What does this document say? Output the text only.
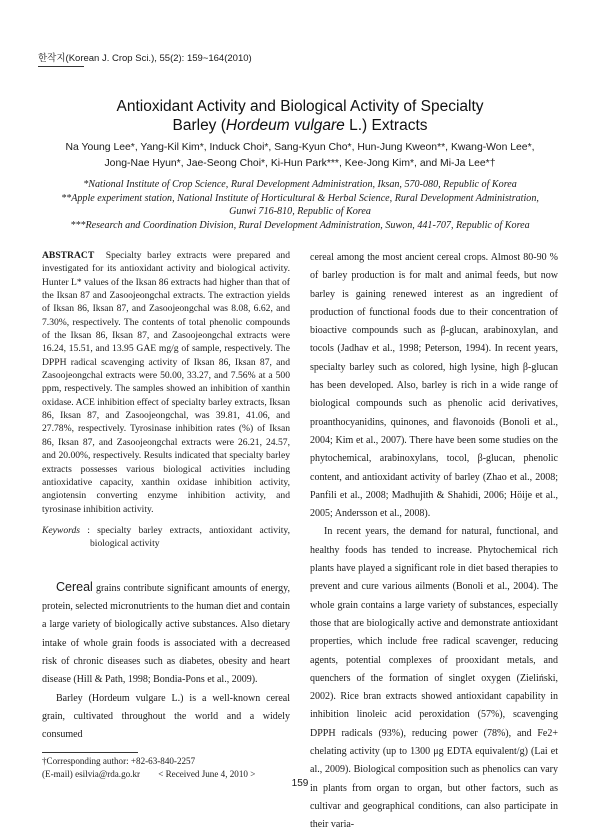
한작지(Korean J. Crop Sci.), 55(2): 159~164(2010)
Antioxidant Activity and Biological Activity of Specialty
Barley (Hordeum vulgare L.) Extracts
Na Young Lee*, Yang-Kil Kim*, Induck Choi*, Sang-Kyun Cho*, Hun-Jung Kweon**, Kwang-Won Lee*,
Jong-Nae Hyun*, Jae-Seong Choi*, Ki-Hun Park***, Kee-Jong Kim*, and Mi-Ja Lee*†
*National Institute of Crop Science, Rural Development Administration, Iksan, 570-080, Republic of Korea
**Apple experiment station, National Institute of Horticultural & Herbal Science, Rural Development Administration,
Gunwi 716-810, Republic of Korea
***Research and Coordination Division, Rural Development Administration, Suwon, 441-707, Republic of Korea

ABSTRACT Specialty barley extracts were prepared and investigated for its antioxidant activity and biological activity. Hunter L* values of the Iksan 86 extracts had higher than that of the Iksan 87 and Zasoojeongchal extracts. The extraction yields of Iksan 86, Iksan 87, and Zasoojeongchal was 8.08, 6.62, and 7.30%, respectively. The contents of total phenolic compounds of the Iksan 86, Iksan 87, and Zasoojeongchal extracts were 16.24, 15.51, and 13.95 GAE mg/g of sample, respectively. The DPPH radical scavenging activity of Iksan 86, Iksan 87, and Zasoojeongchal extracts were 50.00, 33.27, and 7.56% at a 500 ppm, respectively. The samples showed an inhibition of xanthin oxidase. ACE inhibition effect of specialty barley extracts, Iksan 86, Iksan 87, and Zasoojeongchal, was 39.81, 41.06, and 27.78%, respectively. Tyrosinase inhibition rates (%) of Iksan 86, Iksan 87, and Zasoojeongchal extracts were 26.21, 24.57, and 20.00%, respectively. Results indicated that specialty barley extracts possesses various biological activities including antioxidative capacity, xanthin oxidase inhibition activity, angiotensin converting enzyme inhibition activity, and tyrosinase inhibition activity.

Keywords : specialty barley extracts, antioxidant activity, biological activity

Cereal grains contribute significant amounts of energy, protein, selected micronutrients to the human diet and contain a large variety of biologically active substances. Also dietary intake of whole grain foods is associated with a decreased risk of chronic diseases such as diabetes, obesity and heart disease (Hill & Path, 1998; Bondia-Pons et al., 2009).

Barley (Hordeum vulgare L.) is a well-known cereal grain, cultivated throughout the world and a widely consumed

cereal among the most ancient cereal crops. Almost 80-90 % of barley production is for malt and animal feeds, but now barley is gaining renewed interest as an ingredient of production of functional foods due to their concentration of bioactive compounds such as β-glucan, arabinoxylan, and tocols (Jadhav et al., 1998; Peterson, 1994). In recent years, specialty barley such as colored, high lysine, high β-glucan has been developed. Also, barley is rich in a wide range of biological compounds such as phenolic acid derivatives, proanthocyanidins, quinones, and flavonoids (Bonoli et al., 2004; Kim et al., 2007). There have been some studies on the phytochemical, arabinoxylans, tocol, β-glucan, phenolic content, and antioxidant activity of barley (Zhao et al., 2008; Panfili et al., 2008; Madhujith & Shahidi, 2006; Höije et al., 2005; Andersson et al., 2008).

In recent years, the demand for natural, functional, and healthy foods has tended to increase. Phytochemical rich plants have played a significant role in diet based therapies to prevent and cure various ailments (Bonoli et al., 2004). The whole grain contains a large variety of substances, especially those that are biologically active and demonstrate antioxidant properties, which include free radical scavenger, reducing agents, potential complexes of prooxidant metals, and quenchers of the formation of singlet oxygen (Zieliński, 2002). Rice bran extracts showed antioxidant capability in inhibition linoleic acid peroxidation (57%), scavenging DPPH radicals (93%), reducing power (78%), and Fe2+ chelating activity (up to 1300 μg EDTA equivalent/g) (Lai et al., 2009). Biological composition such as phenolics can vary in plants from organ to organ, but other factors, such as cultivar and geographical conditions, can also participate in their varia-

†Corresponding author: +82-63-840-2257
(E-mail) esilvia@rda.go.kr < Received June 4, 2010 >
159
